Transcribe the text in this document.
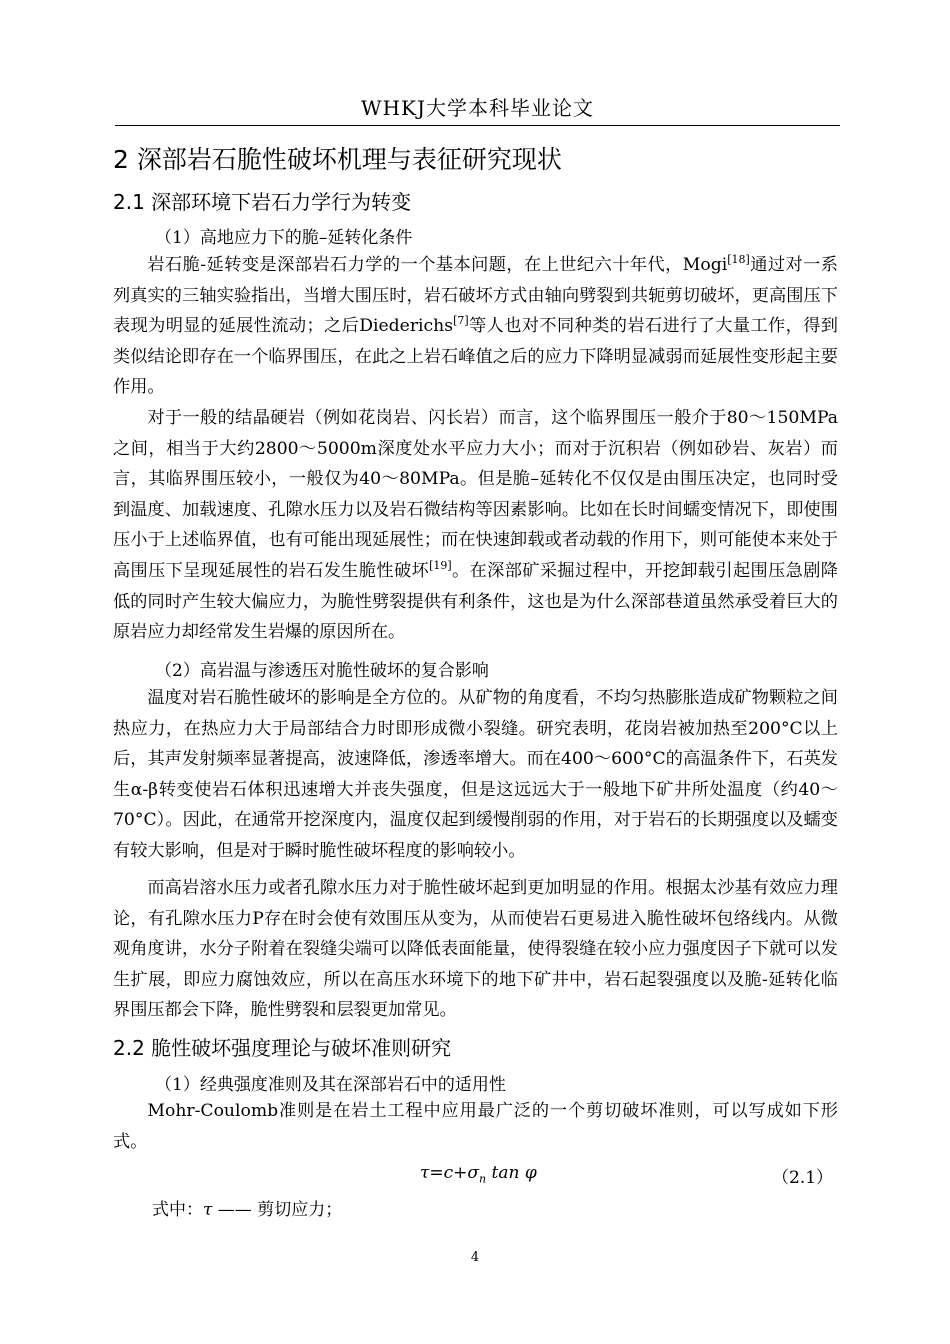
WHKJ大学本科毕业论文
2 深部岩石脆性破坏机理与表征研究现状
2.1 深部环境下岩石力学行为转变
（1）高地应力下的脆–延转化条件

岩石脆-延转变是深部岩石力学的一个基本问题，在上世纪六十年代，Mogi[18]通过对一系列真实的三轴实验指出，当增大围压时，岩石破坏方式由轴向劈裂到共轭剪切破坏，更高围压下表现为明显的延展性流动；之后Diederichs[7]等人也对不同种类的岩石进行了大量工作，得到类似结论即存在一个临界围压，在此之上岩石峰值之后的应力下降明显减弱而延展性变形起主要作用。

对于一般的结晶硬岩（例如花岗岩、闪长岩）而言，这个临界围压一般介于80～150MPa之间，相当于大约2800～5000m深度处水平应力大小；而对于沉积岩（例如砂岩、灰岩）而言，其临界围压较小，一般仅为40～80MPa。但是脆–延转化不仅仅是由围压决定，也同时受到温度、加载速度、孔隙水压力以及岩石微结构等因素影响。比如在长时间蠕变情况下，即使围压小于上述临界值，也有可能出现延展性；而在快速卸载或者动载的作用下，则可能使本来处于高围压下呈现延展性的岩石发生脆性破坏[19]。在深部矿采掘过程中，开挖卸载引起围压急剧降低的同时产生较大偏应力，为脆性劈裂提供有利条件，这也是为什么深部巷道虽然承受着巨大的原岩应力却经常发生岩爆的原因所在。

（2）高岩温与渗透压对脆性破坏的复合影响

温度对岩石脆性破坏的影响是全方位的。从矿物的角度看，不均匀热膨胀造成矿物颗粒之间热应力，在热应力大于局部结合力时即形成微小裂缝。研究表明，花岗岩被加热至200°C以上后，其声发射频率显著提高，波速降低，渗透率增大。而在400～600°C的高温条件下，石英发生α-β转变使岩石体积迅速增大并丧失强度，但是这远远大于一般地下矿井所处温度（约40～70°C）。因此，在通常开挖深度内，温度仅起到缓慢削弱的作用，对于岩石的长期强度以及蠕变有较大影响，但是对于瞬时脆性破坏程度的影响较小。

而高岩溶水压力或者孔隙水压力对于脆性破坏起到更加明显的作用。根据太沙基有效应力理论，有孔隙水压力P存在时会使有效围压从变为，从而使岩石更易进入脆性破坏包络线内。从微观角度讲，水分子附着在裂缝尖端可以降低表面能量，使得裂缝在较小应力强度因子下就可以发生扩展，即应力腐蚀效应，所以在高压水环境下的地下矿井中，岩石起裂强度以及脆-延转化临界围压都会下降，脆性劈裂和层裂更加常见。

2.2 脆性破坏强度理论与破坏准则研究
（1）经典强度准则及其在深部岩石中的适用性

Mohr-Coulomb准则是在岩土工程中应用最广泛的一个剪切破坏准则，可以写成如下形式。

$\tau=c+\sigma_n$ tan φ	（2.1）
式中：τ —— 剪切应力；
4
